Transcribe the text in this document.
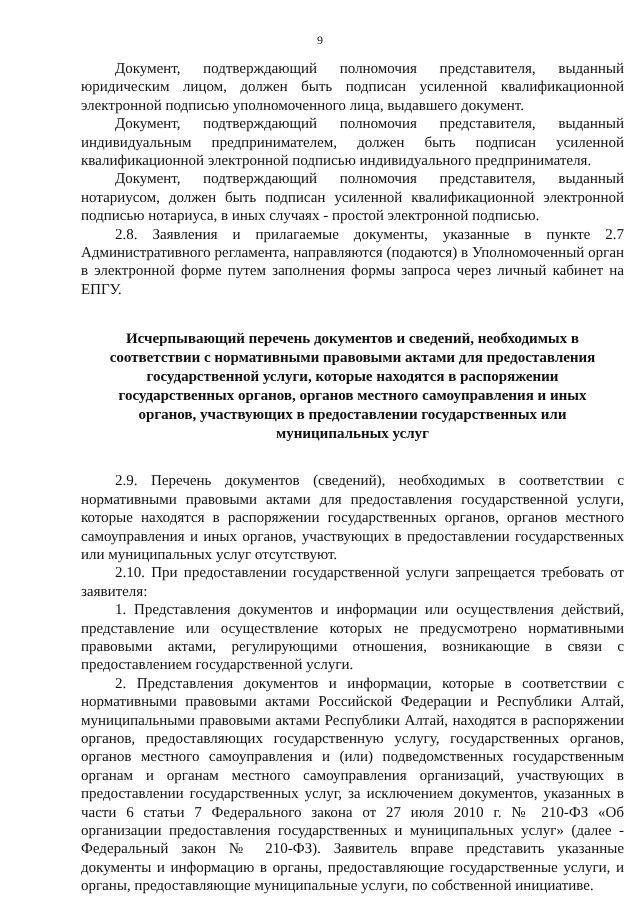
9

Документ, подтверждающий полномочия представителя, выданный юридическим лицом, должен быть подписан усиленной квалификационной электронной подписью уполномоченного лица, выдавшего документ.

Документ, подтверждающий полномочия представителя, выданный индивидуальным предпринимателем, должен быть подписан усиленной квалификационной электронной подписью индивидуального предпринимателя.

Документ, подтверждающий полномочия представителя, выданный нотариусом, должен быть подписан усиленной квалификационной электронной подписью нотариуса, в иных случаях - простой электронной подписью.

2.8. Заявления и прилагаемые документы, указанные в пункте 2.7 Административного регламента, направляются (подаются) в Уполномоченный орган в электронной форме путем заполнения формы запроса через личный кабинет на ЕПГУ.

Исчерпывающий перечень документов и сведений, необходимых в соответствии с нормативными правовыми актами для предоставления государственной услуги, которые находятся в распоряжении государственных органов, органов местного самоуправления и иных органов, участвующих в предоставлении государственных или муниципальных услуг

2.9. Перечень документов (сведений), необходимых в соответствии с нормативными правовыми актами для предоставления государственной услуги, которые находятся в распоряжении государственных органов, органов местного самоуправления и иных органов, участвующих в предоставлении государственных или муниципальных услуг отсутствуют.

2.10. При предоставлении государственной услуги запрещается требовать от заявителя:

1. Представления документов и информации или осуществления действий, представление или осуществление которых не предусмотрено нормативными правовыми актами, регулирующими отношения, возникающие в связи с предоставлением государственной услуги.

2. Представления документов и информации, которые в соответствии с нормативными правовыми актами Российской Федерации и Республики Алтай, муниципальными правовыми актами Республики Алтай, находятся в распоряжении органов, предоставляющих государственную услугу, государственных органов, органов местного самоуправления и (или) подведомственных государственным органам и органам местного самоуправления организаций, участвующих в предоставлении государственных услуг, за исключением документов, указанных в части 6 статьи 7 Федерального закона от 27 июля 2010 г. № 210-ФЗ «Об организации предоставления государственных и муниципальных услуг» (далее - Федеральный закон № 210-ФЗ). Заявитель вправе представить указанные документы и информацию в органы, предоставляющие государственные услуги, и органы, предоставляющие муниципальные услуги, по собственной инициативе.
